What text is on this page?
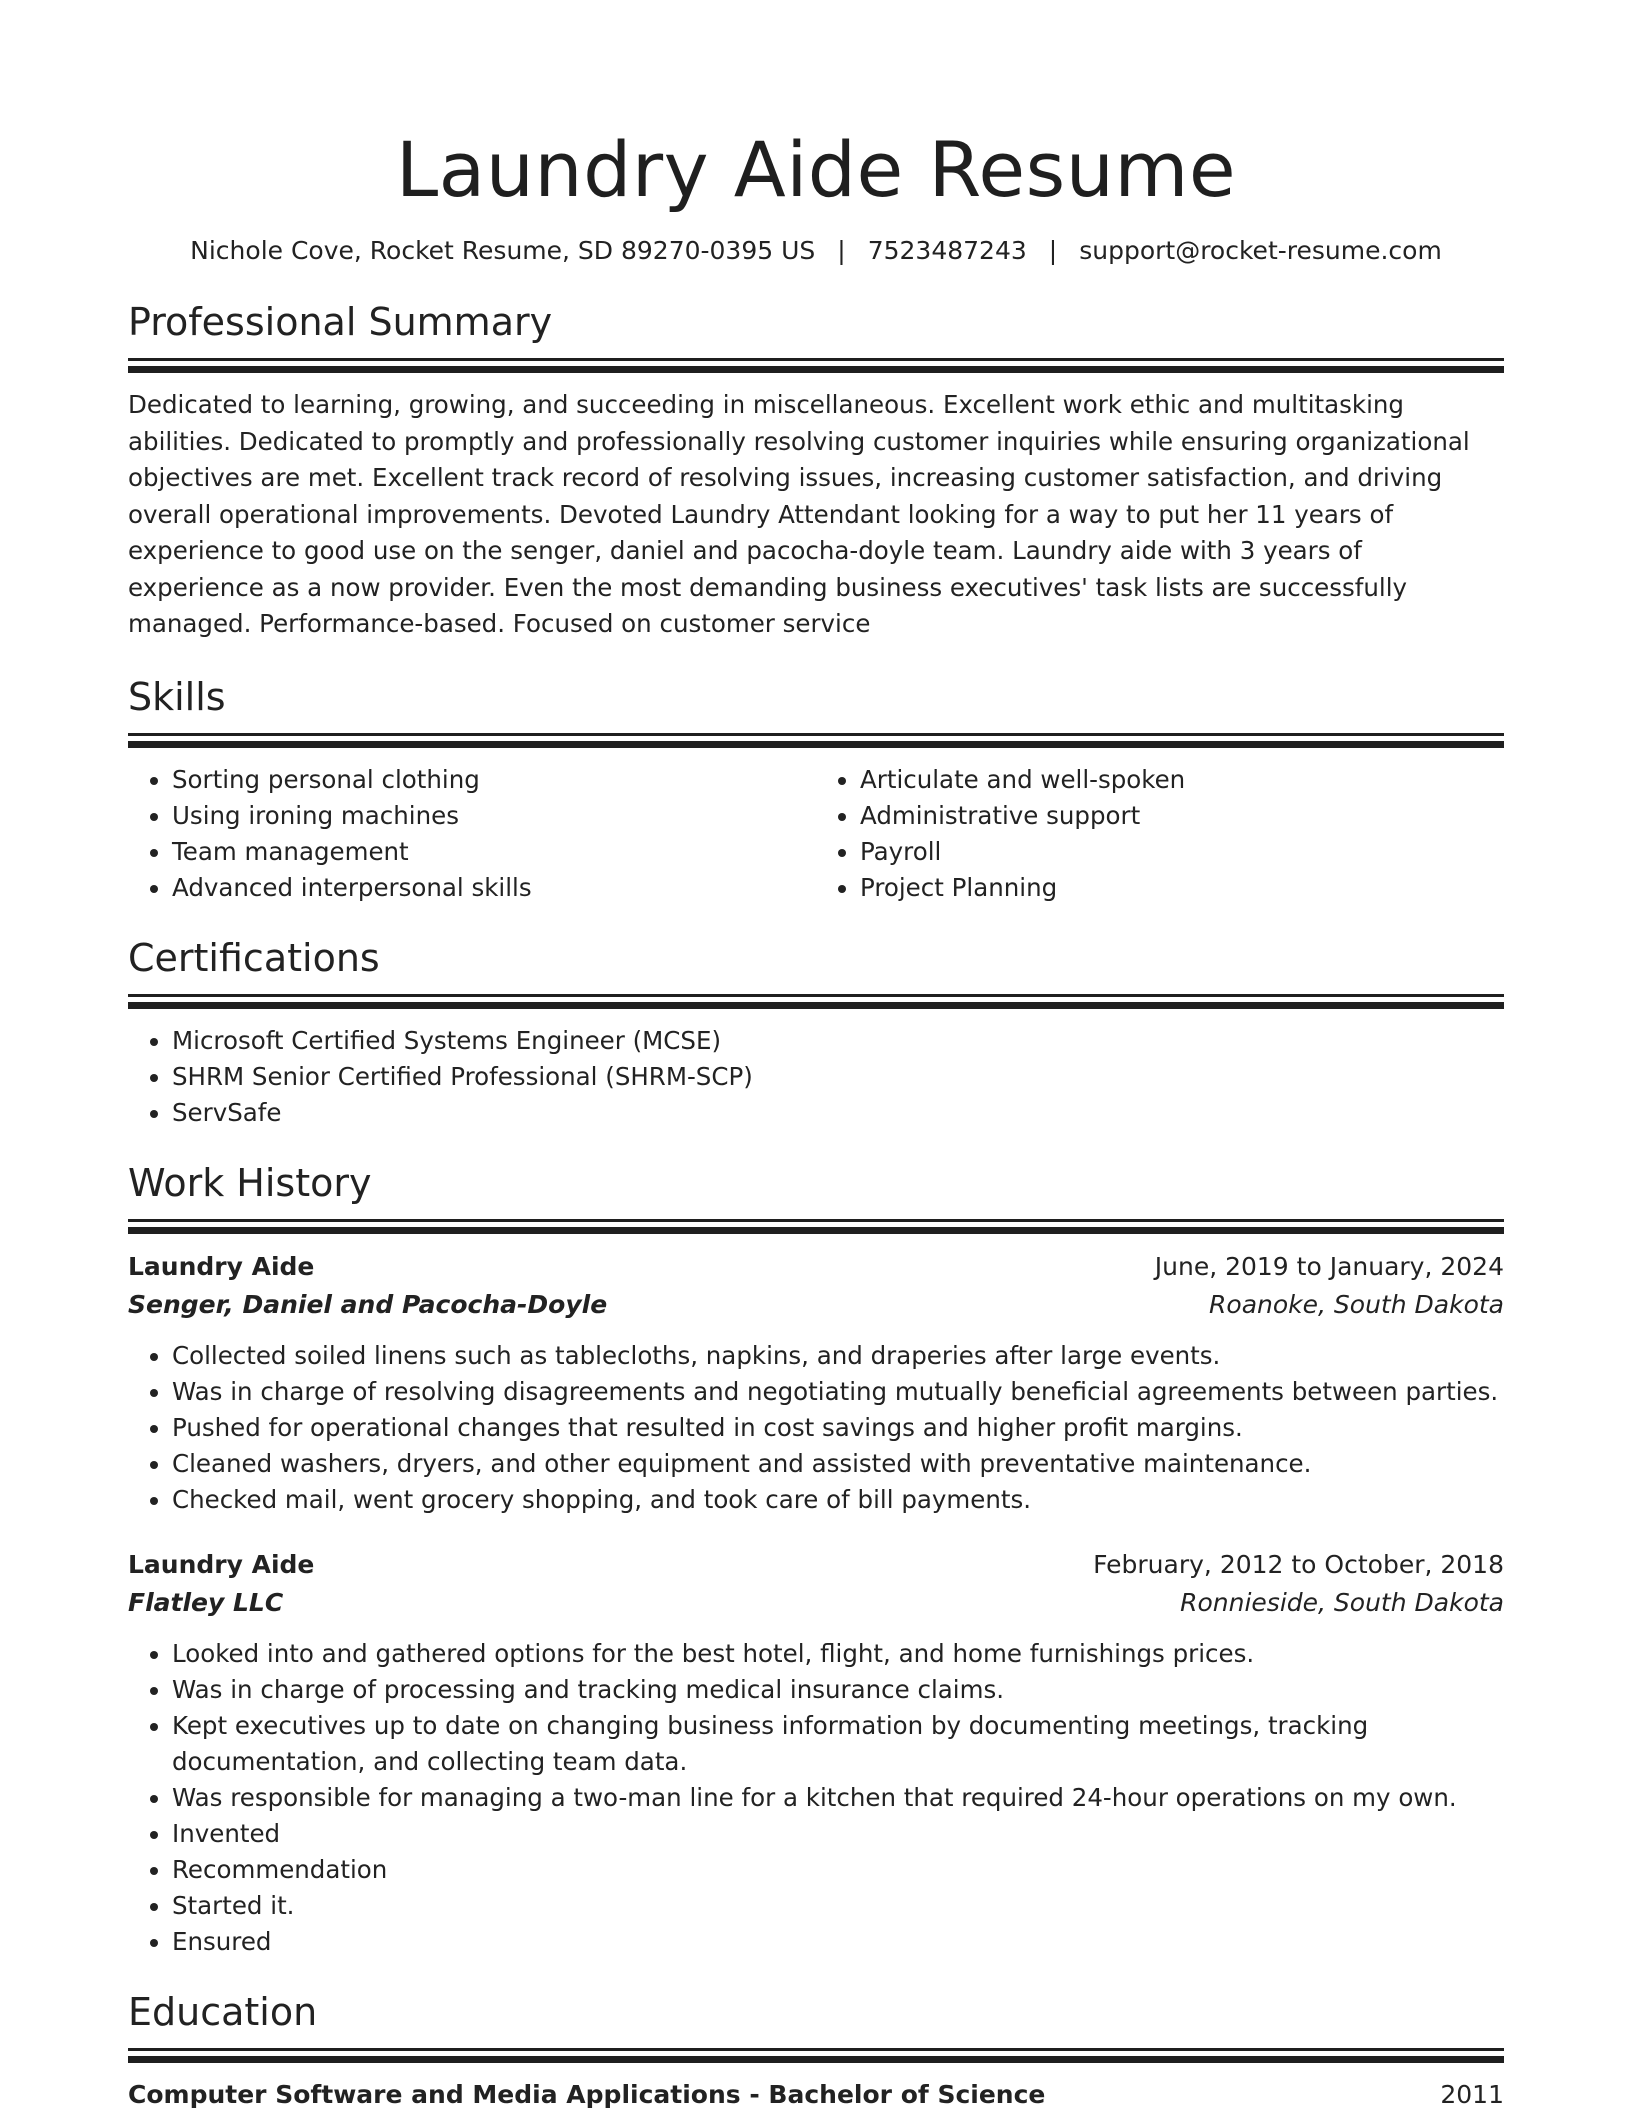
Laundry Aide Resume
Nichole Cove, Rocket Resume, SD 89270-0395 US | 7523487243 | support@rocket-resume.com
Professional Summary
Dedicated to learning, growing, and succeeding in miscellaneous. Excellent work ethic and multitasking abilities. Dedicated to promptly and professionally resolving customer inquiries while ensuring organizational objectives are met. Excellent track record of resolving issues, increasing customer satisfaction, and driving overall operational improvements. Devoted Laundry Attendant looking for a way to put her 11 years of experience to good use on the senger, daniel and pacocha-doyle team. Laundry aide with 3 years of experience as a now provider. Even the most demanding business executives' task lists are successfully managed. Performance-based. Focused on customer service
Skills
• Sorting personal clothing
• Using ironing machines
• Team management
• Advanced interpersonal skills
• Articulate and well-spoken
• Administrative support
• Payroll
• Project Planning
Certifications
• Microsoft Certified Systems Engineer (MCSE)
• SHRM Senior Certified Professional (SHRM-SCP)
• ServSafe
Work History
Laundry Aide	June, 2019 to January, 2024
Senger, Daniel and Pacocha-Doyle	Roanoke, South Dakota
• Collected soiled linens such as tablecloths, napkins, and draperies after large events.
• Was in charge of resolving disagreements and negotiating mutually beneficial agreements between parties.
• Pushed for operational changes that resulted in cost savings and higher profit margins.
• Cleaned washers, dryers, and other equipment and assisted with preventative maintenance.
• Checked mail, went grocery shopping, and took care of bill payments.
Laundry Aide	February, 2012 to October, 2018
Flatley LLC	Ronnieside, South Dakota
• Looked into and gathered options for the best hotel, flight, and home furnishings prices.
• Was in charge of processing and tracking medical insurance claims.
• Kept executives up to date on changing business information by documenting meetings, tracking documentation, and collecting team data.
• Was responsible for managing a two-man line for a kitchen that required 24-hour operations on my own.
• Invented
• Recommendation
• Started it.
• Ensured
Education
Computer Software and Media Applications - Bachelor of Science	2011
